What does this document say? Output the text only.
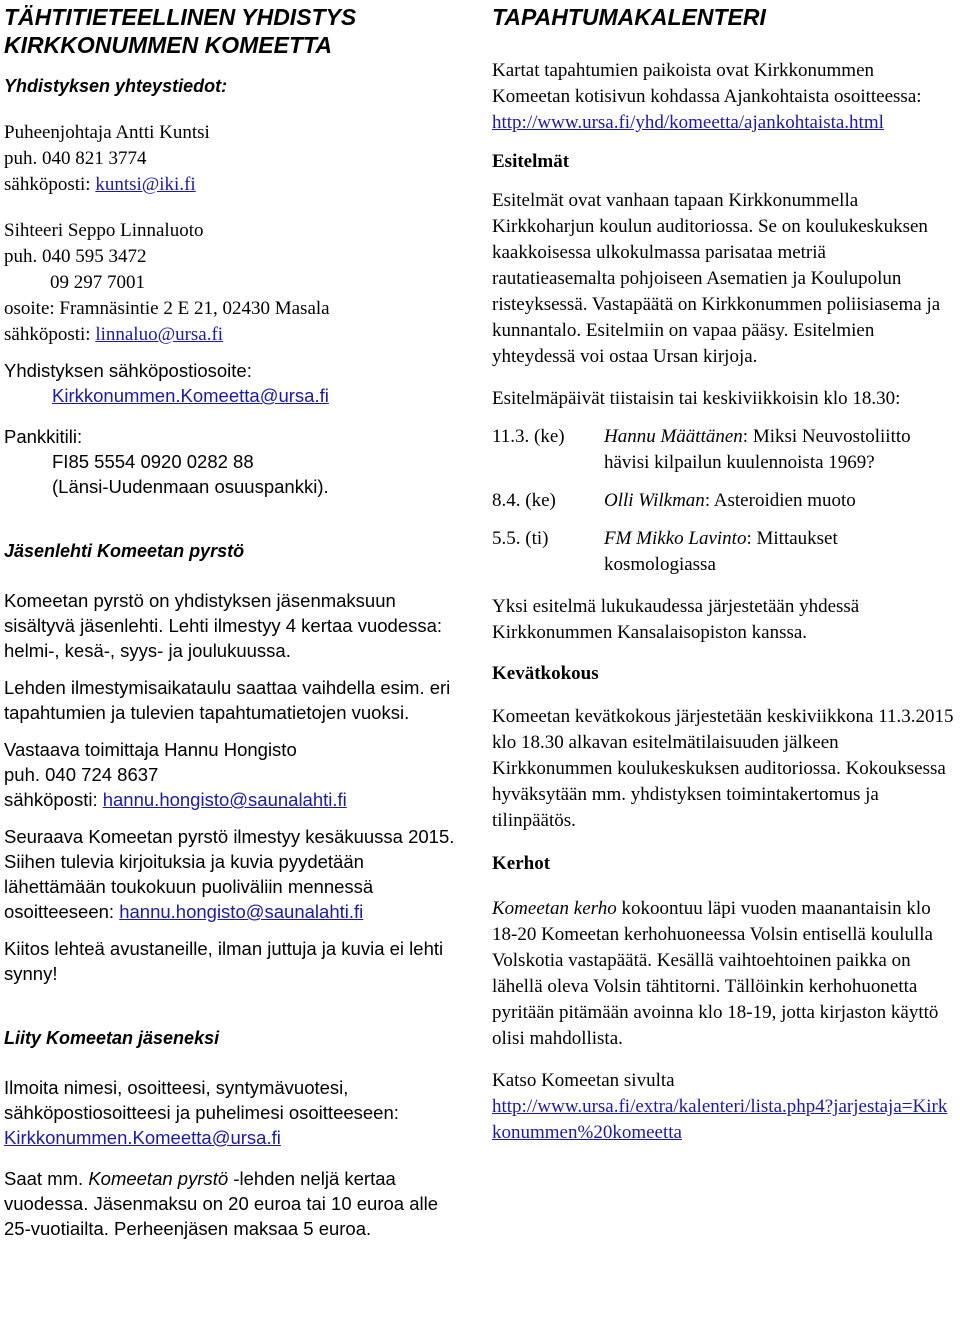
TÄHTITIETEELLINEN YHDISTYS
KIRKKONUMMEN KOMEETTA

Yhdistyksen yhteystiedot:

Puheenjohtaja Antti Kuntsi
puh. 040 821 3774
sähköposti: kuntsi@iki.fi
Sihteeri Seppo Linnaluoto
puh. 040 595 3472
09 297 7001
osoite: Framnäsintie 2 E 21, 02430 Masala
sähköposti: linnaluo@ursa.fi
Yhdistyksen sähköpostiosoite:
Kirkkonummen.Komeetta@ursa.fi
Pankkitili:
FI85 5554 0920 0282 88
(Länsi-Uudenmaan osuuspankki).

Jäsenlehti Komeetan pyrstö

Komeetan pyrstö on yhdistyksen jäsenmaksuun sisältyvä jäsenlehti. Lehti ilmestyy 4 kertaa vuodessa: helmi-, kesä-, syys- ja joulukuussa.

Lehden ilmestymisaikataulu saattaa vaihdella esim. eri tapahtumien ja tulevien tapahtumatietojen vuoksi.

Vastaava toimittaja Hannu Hongisto
puh. 040 724 8637
sähköposti: hannu.hongisto@saunalahti.fi

Seuraava Komeetan pyrstö ilmestyy kesäkuussa 2015. Siihen tulevia kirjoituksia ja kuvia pyydetään lähettämään toukokuun puoliväliin mennessä osoitteeseen: hannu.hongisto@saunalahti.fi

Kiitos lehteä avustaneille, ilman juttuja ja kuvia ei lehti synny!

Liity Komeetan jäseneksi

Ilmoita nimesi, osoitteesi, syntymävuotesi, sähköpostiosoitteesi ja puhelimesi osoitteeseen:

Kirkkonummen.Komeetta@ursa.fi

Saat mm. Komeetan pyrstö -lehden neljä kertaa vuodessa. Jäsenmaksu on 20 euroa tai 10 euroa alle 25-vuotiailta. Perheenjäsen maksaa 5 euroa.

TAPAHTUMAKALENTERI

Kartat tapahtumien paikoista ovat Kirkkonummen Komeetan kotisivun kohdassa Ajankohtaista osoitteessa:
http://www.ursa.fi/yhd/komeetta/ajankohtaista.html

Esitelmät

Esitelmät ovat vanhaan tapaan Kirkkonummella Kirkkoharjun koulun auditoriossa. Se on koulukeskuksen kaakkoisessa ulkokulmassa parisataa metriä rautatieasemalta pohjoiseen Asematien ja Koulupolun risteyksessä. Vastapäätä on Kirkkonummen poliisiasema ja kunnantalo. Esitelmiin on vapaa pääsy. Esitelmien yhteydessä voi ostaa Ursan kirjoja.

Esitelmäpäivät tiistaisin tai keskiviikkoisin klo 18.30:

11.3. (ke)	Hannu Määttänen: Miksi Neuvostoliitto hävisi kilpailun kuulennoista 1969?
8.4. (ke)	Olli Wilkman: Asteroidien muoto
5.5. (ti)	FM Mikko Lavinto: Mittaukset kosmologiassa

Yksi esitelmä lukukaudessa järjestetään yhdessä Kirkkonummen Kansalaisopiston kanssa.

Kevätkokous

Komeetan kevätkokous järjestetään keskiviikkona 11.3.2015 klo 18.30 alkavan esitelmätilaisuuden jälkeen Kirkkonummen koulukeskuksen auditoriossa. Kokouksessa hyväksytään mm. yhdistyksen toimintakertomus ja tilinpäätös.

Kerhot

Komeetan kerho kokoontuu läpi vuoden maanantaisin klo 18-20 Komeetan kerhohuoneessa Volsin entisellä koululla Volskotia vastapäätä. Kesällä vaihtoehtoinen paikka on lähellä oleva Volsin tähtitorni. Tällöinkin kerhohuonetta pyritään pitämään avoinna klo 18-19, jotta kirjaston käyttö olisi mahdollista.

Katso Komeetan sivulta

http://www.ursa.fi/extra/kalenteri/lista.php4?jarjestaja=Kirkkonummen%20komeetta
